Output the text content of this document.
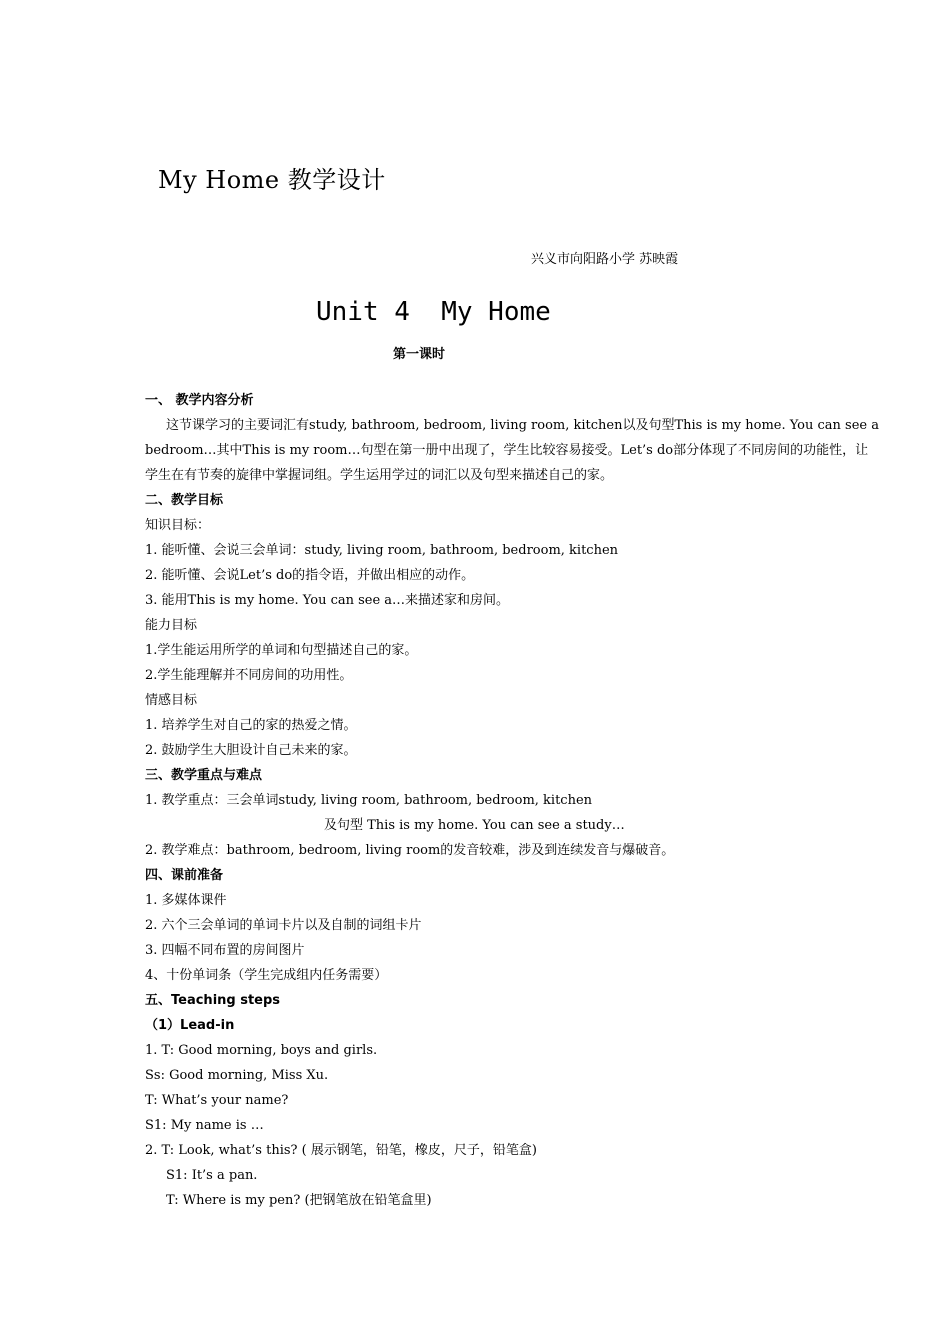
My Home 教学设计
兴义市向阳路小学 苏映霞
Unit 4  My Home
第一课时
一、 教学内容分析
这节课学习的主要词汇有study, bathroom, bedroom, living room, kitchen以及句型This is my home. You can see a bedroom…其中This is my room…句型在第一册中出现了，学生比较容易接受。Let’s do部分体现了不同房间的功能性，让学生在有节奏的旋律中掌握词组。学生运用学过的词汇以及句型来描述自己的家。
二、教学目标
知识目标：
1. 能听懂、会说三会单词：study, living room, bathroom, bedroom, kitchen
2. 能听懂、会说Let’s do的指令语，并做出相应的动作。
3. 能用This is my home. You can see a…来描述家和房间。
能力目标
1.学生能运用所学的单词和句型描述自己的家。
2.学生能理解并不同房间的功用性。
情感目标
1. 培养学生对自己的家的热爱之情。
2. 鼓励学生大胆设计自己未来的家。
三、教学重点与难点
1. 教学重点：三会单词study, living room, bathroom, bedroom, kitchen
及句型 This is my home. You can see a study…
2. 教学难点：bathroom, bedroom, living room的发音较难，涉及到连续发音与爆破音。
四、课前准备
1. 多媒体课件
2. 六个三会单词的单词卡片以及自制的词组卡片
3. 四幅不同布置的房间图片
4、十份单词条（学生完成组内任务需要）
五、Teaching steps
（1）Lead-in
1. T: Good morning, boys and girls.
Ss: Good morning, Miss Xu.
T: What’s your name?
S1: My name is …
2. T: Look, what’s this? ( 展示钢笔，铅笔，橡皮，尺子，铅笔盒)
S1: It’s a pan.
T: Where is my pen? (把钢笔放在铅笔盒里)
